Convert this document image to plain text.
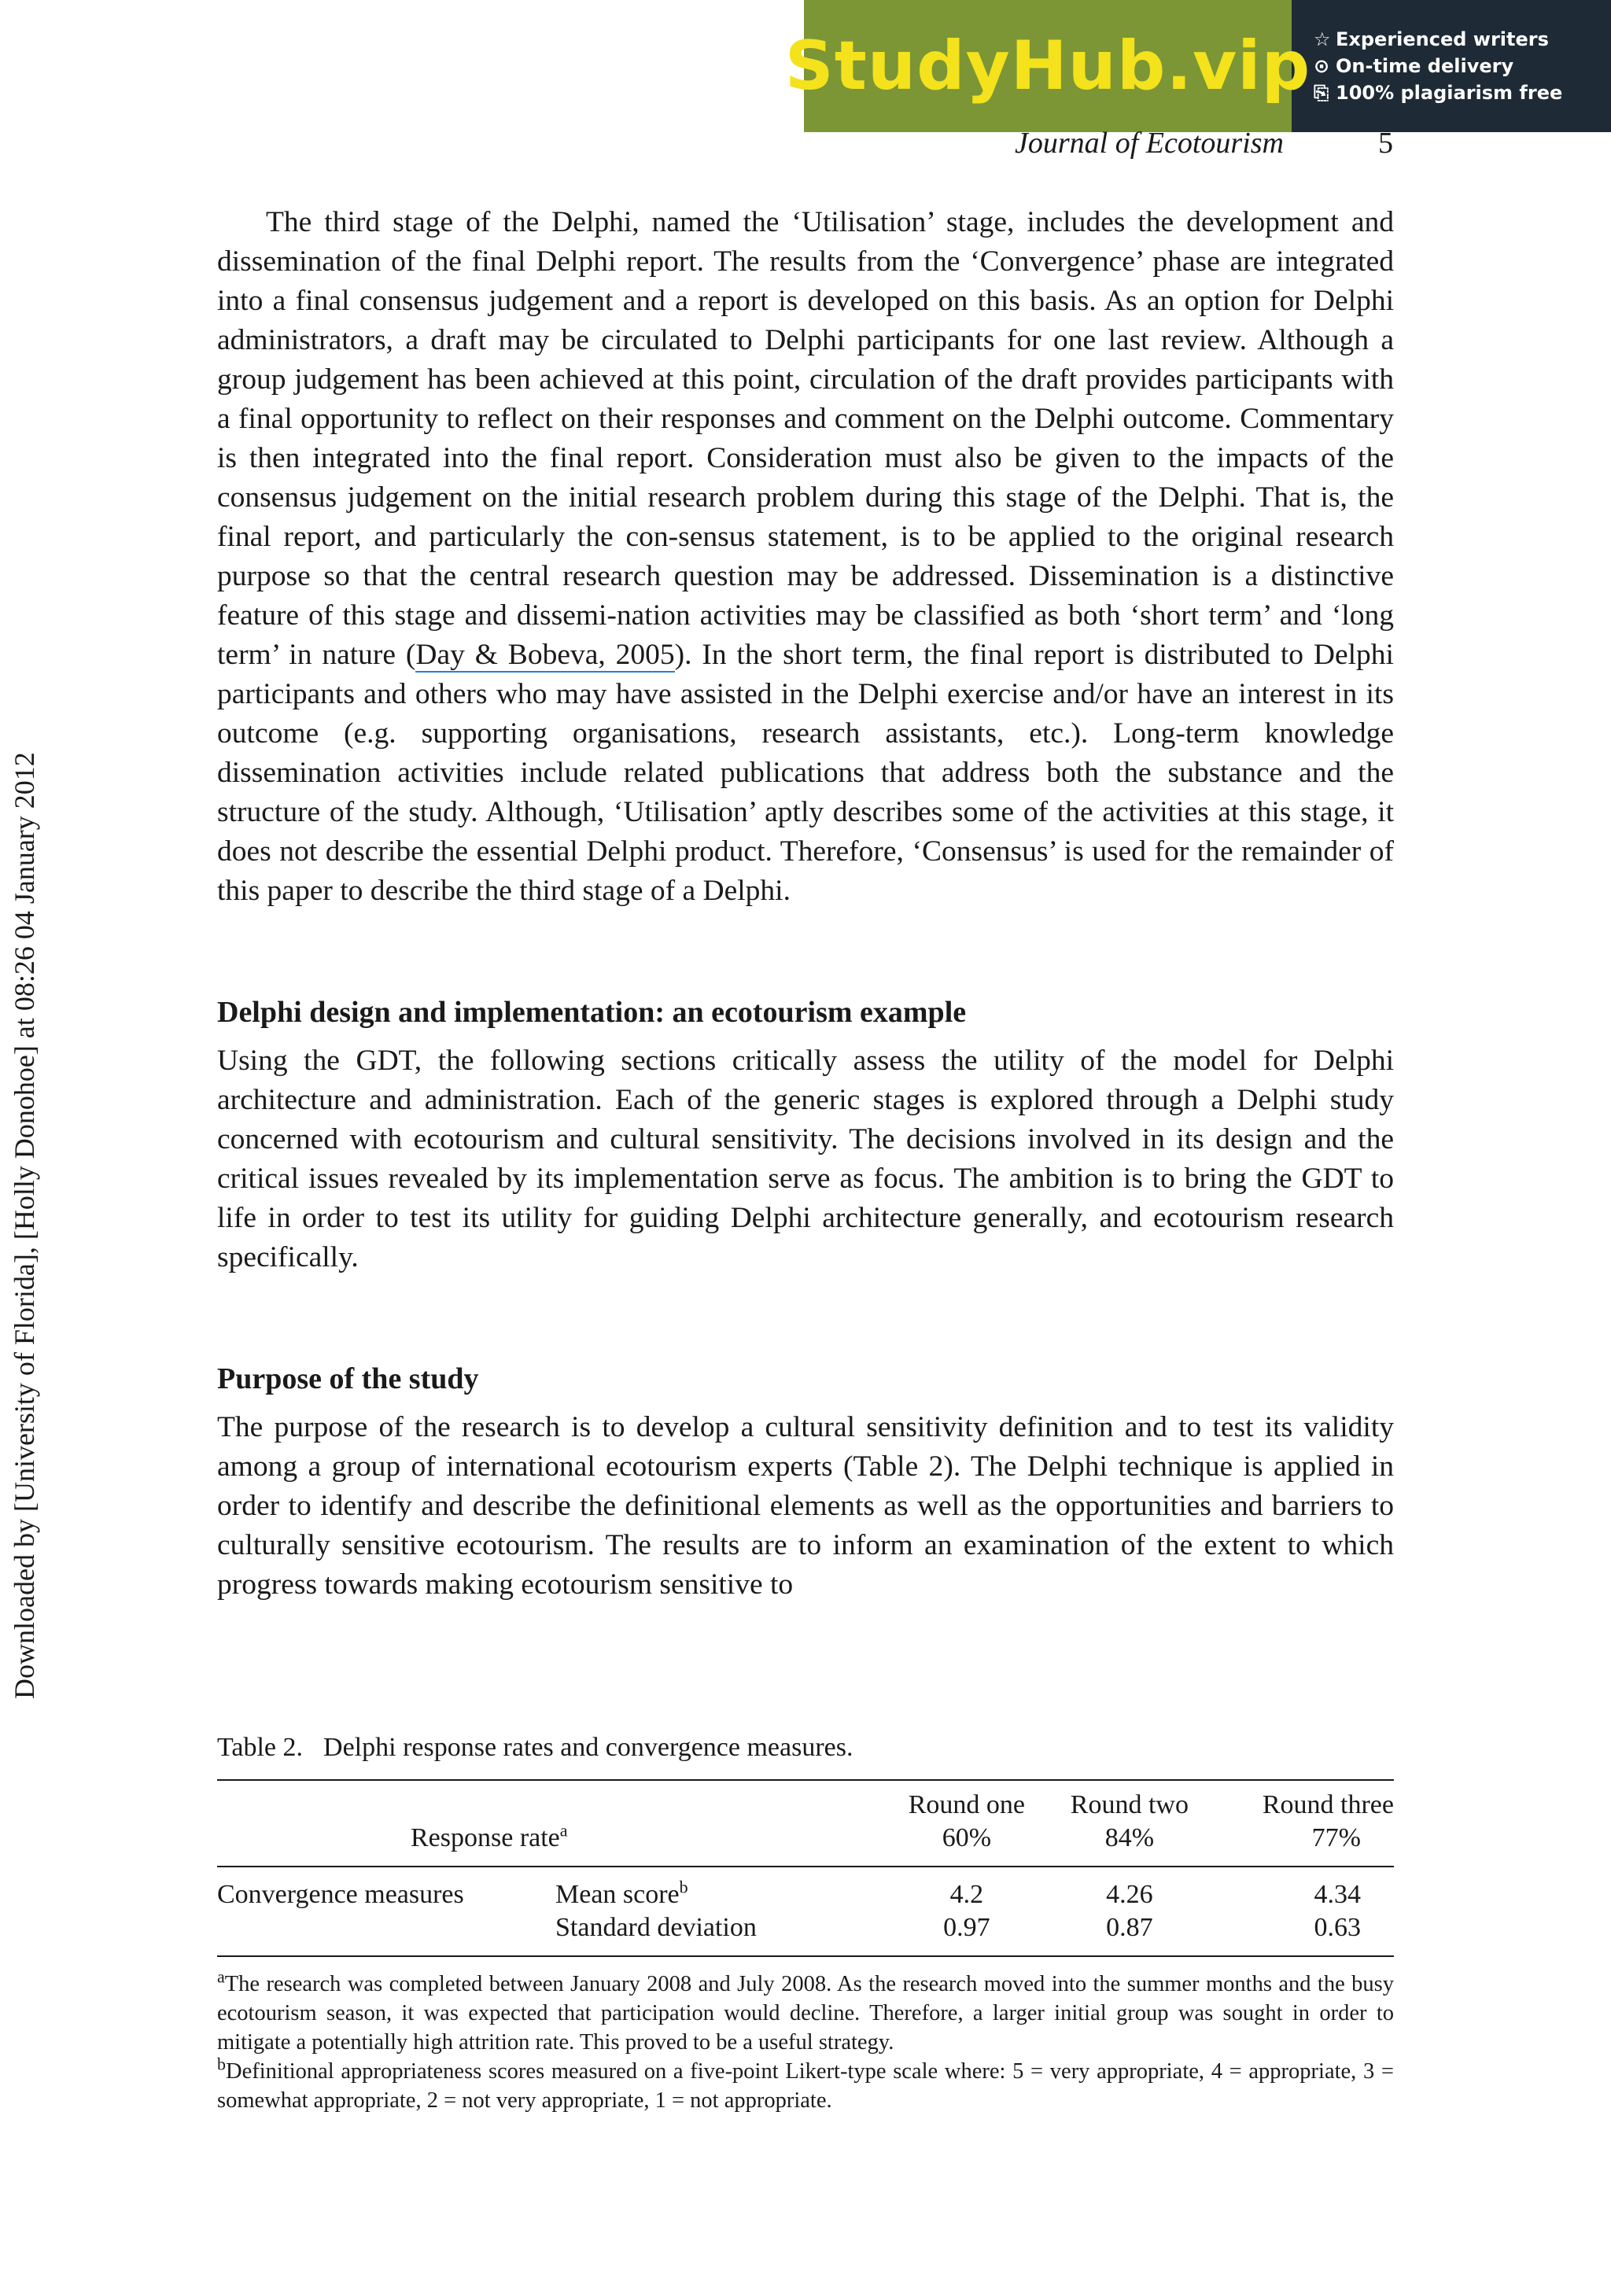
StudyHub.vip ☆ Experienced writers
⊙ On-time delivery
⎘ 100% plagiarism free
Journal of Ecotourism	5
Downloaded by [University of Florida], [Holly Donohoe] at 08:26 04 January 2012

The third stage of the Delphi, named the ‘Utilisation’ stage, includes the development and dissemination of the final Delphi report. The results from the ‘Convergence’ phase are integrated into a final consensus judgement and a report is developed on this basis. As an option for Delphi administrators, a draft may be circulated to Delphi participants for one last review. Although a group judgement has been achieved at this point, circulation of the draft provides participants with a final opportunity to reflect on their responses and comment on the Delphi outcome. Commentary is then integrated into the final report. Consideration must also be given to the impacts of the consensus judgement on the initial research problem during this stage of the Delphi. That is, the final report, and particularly the con-sensus statement, is to be applied to the original research purpose so that the central research question may be addressed. Dissemination is a distinctive feature of this stage and dissemi-nation activities may be classified as both ‘short term’ and ‘long term’ in nature (Day & Bobeva, 2005). In the short term, the final report is distributed to Delphi participants and others who may have assisted in the Delphi exercise and/or have an interest in its outcome (e.g. supporting organisations, research assistants, etc.). Long-term knowledge dissemination activities include related publications that address both the substance and the structure of the study. Although, ‘Utilisation’ aptly describes some of the activities at this stage, it does not describe the essential Delphi product. Therefore, ‘Consensus’ is used for the remainder of this paper to describe the third stage of a Delphi.

Delphi design and implementation: an ecotourism example

Using the GDT, the following sections critically assess the utility of the model for Delphi architecture and administration. Each of the generic stages is explored through a Delphi study concerned with ecotourism and cultural sensitivity. The decisions involved in its design and the critical issues revealed by its implementation serve as focus. The ambition is to bring the GDT to life in order to test its utility for guiding Delphi architecture generally, and ecotourism research specifically.

Purpose of the study

The purpose of the research is to develop a cultural sensitivity definition and to test its validity among a group of international ecotourism experts (Table 2). The Delphi technique is applied in order to identify and describe the definitional elements as well as the opportunities and barriers to culturally sensitive ecotourism. The results are to inform an examination of the extent to which progress towards making ecotourism sensitive to

Table 2. Delphi response rates and convergence measures.
		Round one	Round two	Round three
Response rate$^a$		60%	84%	77%
Convergence measures	Mean score$^b$	4.2	4.26	4.34
	Standard deviation	0.97	0.87	0.63

$^a$The research was completed between January 2008 and July 2008. As the research moved into the summer months and the busy ecotourism season, it was expected that participation would decline. Therefore, a larger initial group was sought in order to mitigate a potentially high attrition rate. This proved to be a useful strategy.

$^b$Definitional appropriateness scores measured on a five-point Likert-type scale where: 5 = very appropriate, 4 = appropriate, 3 = somewhat appropriate, 2 = not very appropriate, 1 = not appropriate.
